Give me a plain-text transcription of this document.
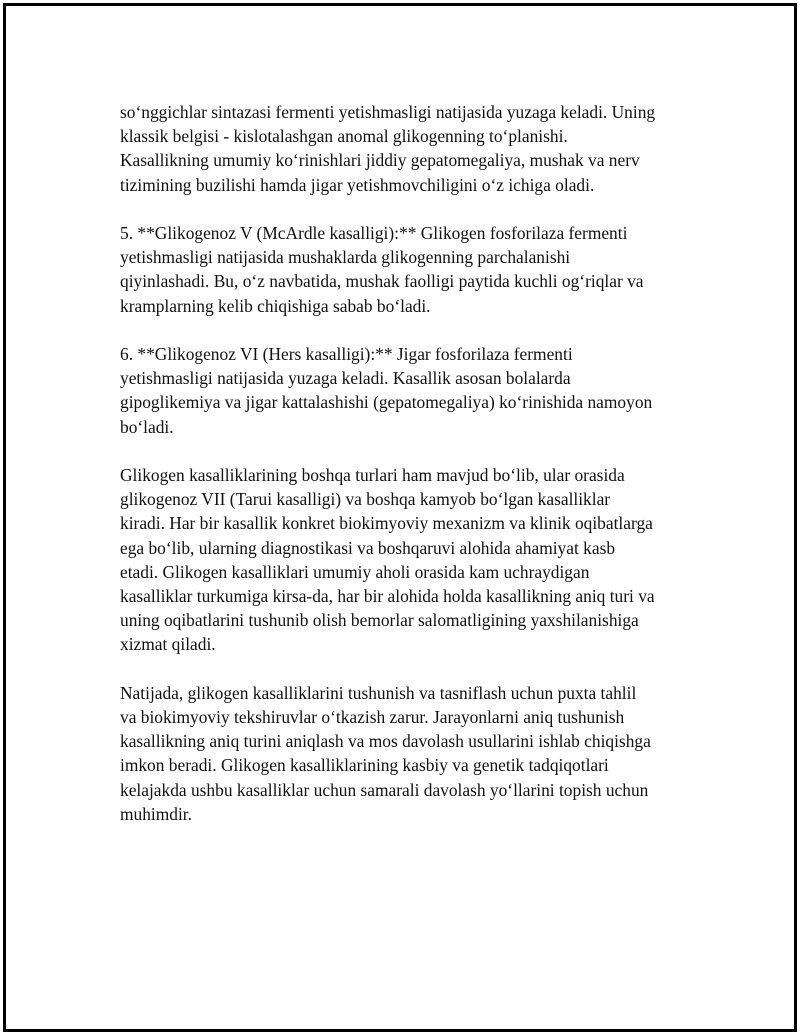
so‘nggichlar sintazasi fermenti yetishmasligi natijasida yuzaga keladi. Uning
klassik belgisi - kislotalashgan anomal glikogenning to‘planishi.
Kasallikning umumiy ko‘rinishlari jiddiy gepatomegaliya, mushak va nerv
tizimining buzilishi hamda jigar yetishmovchiligini o‘z ichiga oladi.

5. **Glikogenoz V (McArdle kasalligi):** Glikogen fosforilaza fermenti
yetishmasligi natijasida mushaklarda glikogenning parchalanishi
qiyinlashadi. Bu, o‘z navbatida, mushak faolligi paytida kuchli og‘riqlar va
kramplarning kelib chiqishiga sabab bo‘ladi.

6. **Glikogenoz VI (Hers kasalligi):** Jigar fosforilaza fermenti
yetishmasligi natijasida yuzaga keladi. Kasallik asosan bolalarda
gipoglikemiya va jigar kattalashishi (gepatomegaliya) ko‘rinishida namoyon
bo‘ladi.

Glikogen kasalliklarining boshqa turlari ham mavjud bo‘lib, ular orasida
glikogenoz VII (Tarui kasalligi) va boshqa kamyob bo‘lgan kasalliklar
kiradi. Har bir kasallik konkret biokimyoviy mexanizm va klinik oqibatlarga
ega bo‘lib, ularning diagnostikasi va boshqaruvi alohida ahamiyat kasb
etadi. Glikogen kasalliklari umumiy aholi orasida kam uchraydigan
kasalliklar turkumiga kirsa-da, har bir alohida holda kasallikning aniq turi va
uning oqibatlarini tushunib olish bemorlar salomatligining yaxshilanishiga
xizmat qiladi.

Natijada, glikogen kasalliklarini tushunish va tasniflash uchun puxta tahlil
va biokimyoviy tekshiruvlar o‘tkazish zarur. Jarayonlarni aniq tushunish
kasallikning aniq turini aniqlash va mos davolash usullarini ishlab chiqishga
imkon beradi. Glikogen kasalliklarining kasbiy va genetik tadqiqotlari
kelajakda ushbu kasalliklar uchun samarali davolash yo‘llarini topish uchun
muhimdir.
